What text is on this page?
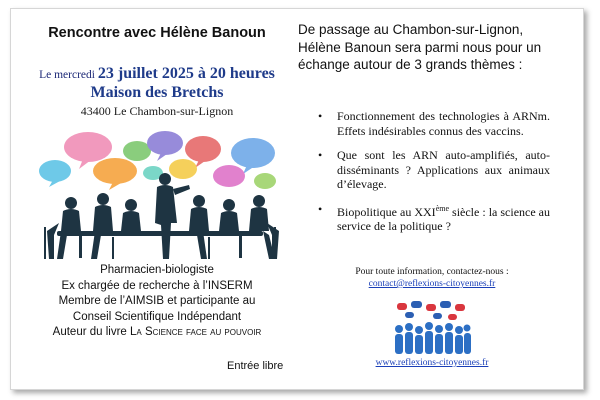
Rencontre avec Hélène Banoun
Le mercredi 23 juillet 2025 à 20 heures
Maison des Bretchs
43400 Le Chambon-sur-Lignon
Pharmacien-biologiste
Ex chargée de recherche à l’INSERM
Membre de l’AIMSIB et participante au
Conseil Scientifique Indépendant
Auteur du livre La Science face au pouvoir
Entrée libre
De passage au Chambon-sur-Lignon, Hélène Banoun sera parmi nous pour un échange autour de 3 grands thèmes :
• Fonctionnement des technologies à ARNm. Effets indésirables connus des vaccins.
• Que sont les ARN auto-amplifiés, auto-disséminants ? Applications aux animaux d’élevage.
• Biopolitique au XXIème siècle : la science au service de la politique ?
Pour toute information, contactez-nous :
contact@reflexions-citoyennes.fr
www.reflexions-citoyennes.fr
